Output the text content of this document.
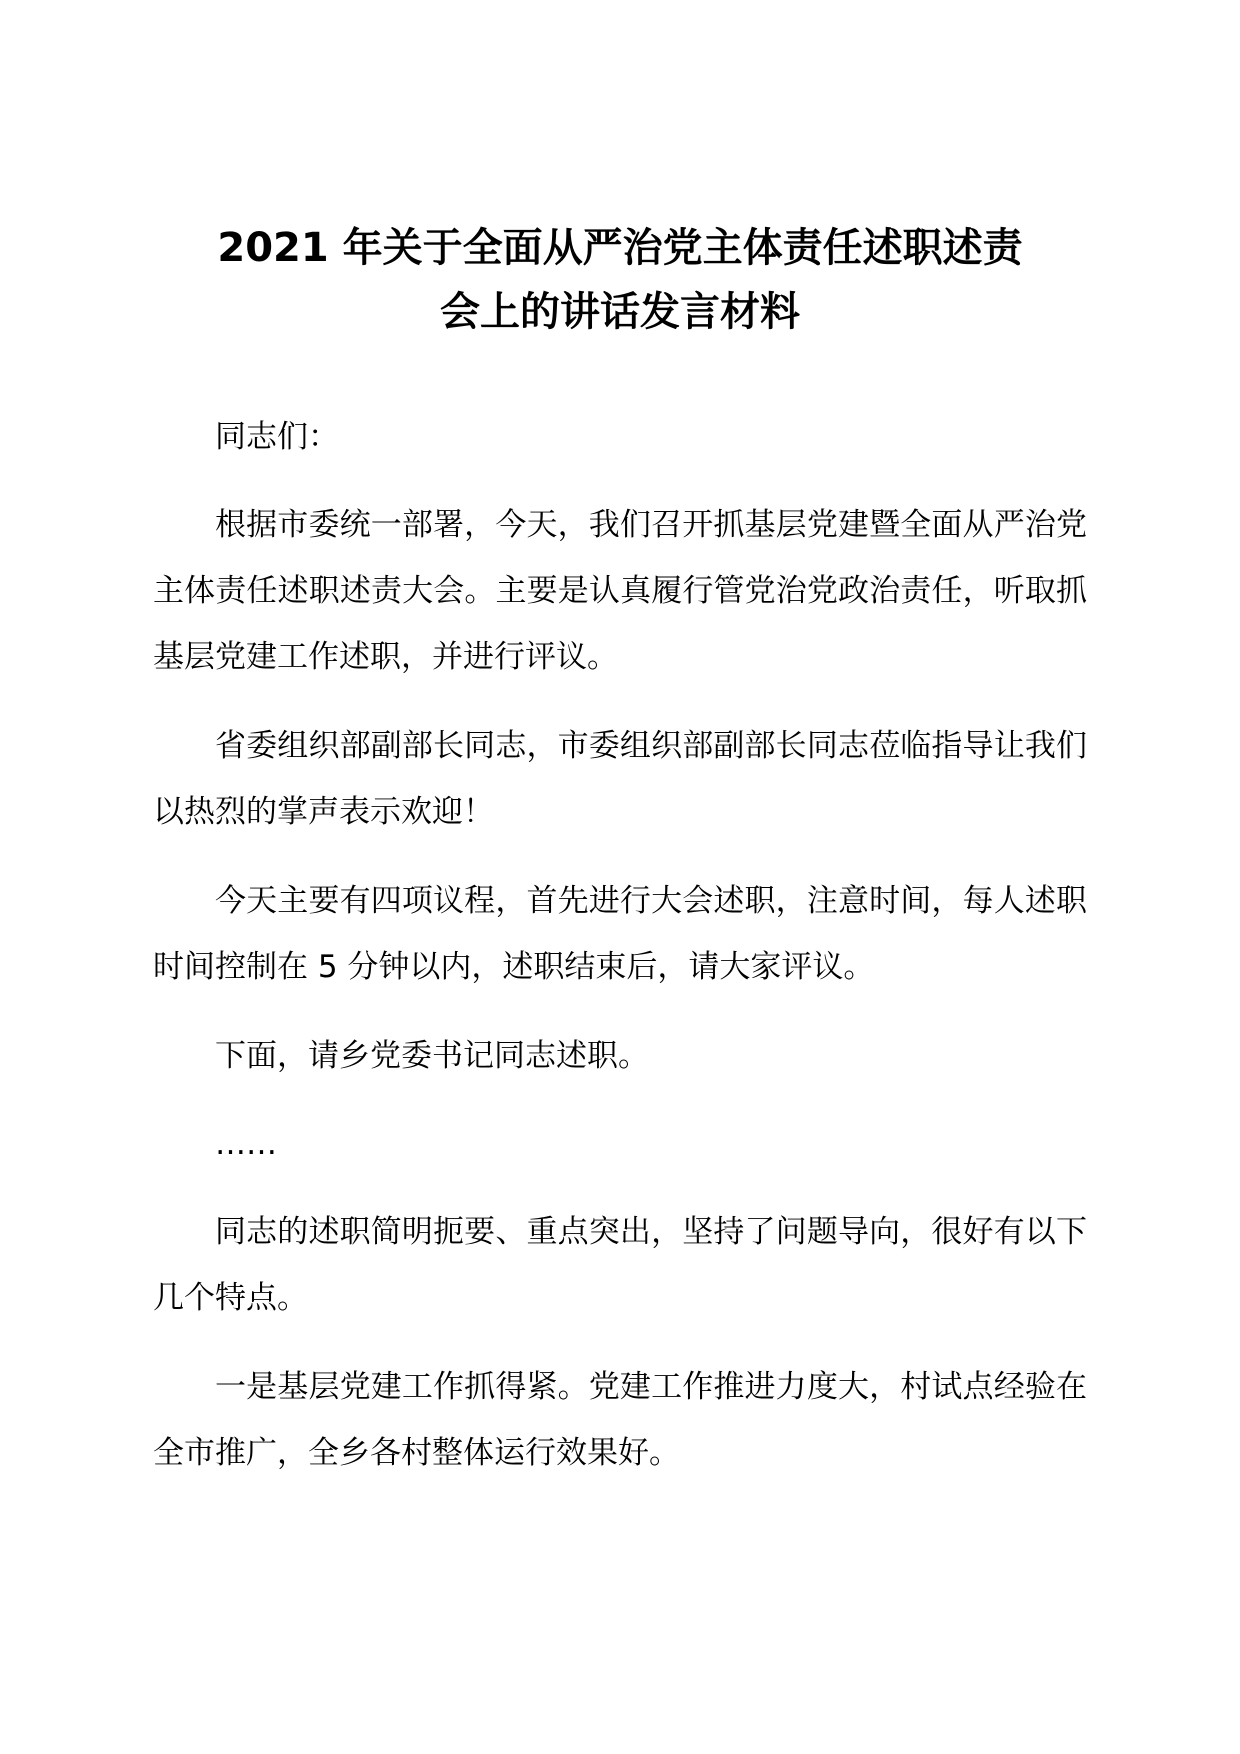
2021 年关于全面从严治党主体责任述职述责
会上的讲话发言材料

同志们：

根据市委统一部署，今天，我们召开抓基层党建暨全面从严治党主体责任述职述责大会。主要是认真履行管党治党政治责任，听取抓基层党建工作述职，并进行评议。

省委组织部副部长同志，市委组织部副部长同志莅临指导让我们以热烈的掌声表示欢迎！

今天主要有四项议程，首先进行大会述职，注意时间，每人述职时间控制在 5 分钟以内，述职结束后，请大家评议。

下面，请乡党委书记同志述职。

……

同志的述职简明扼要、重点突出，坚持了问题导向，很好有以下几个特点。

一是基层党建工作抓得紧。党建工作推进力度大，村试点经验在全市推广，全乡各村整体运行效果好。
